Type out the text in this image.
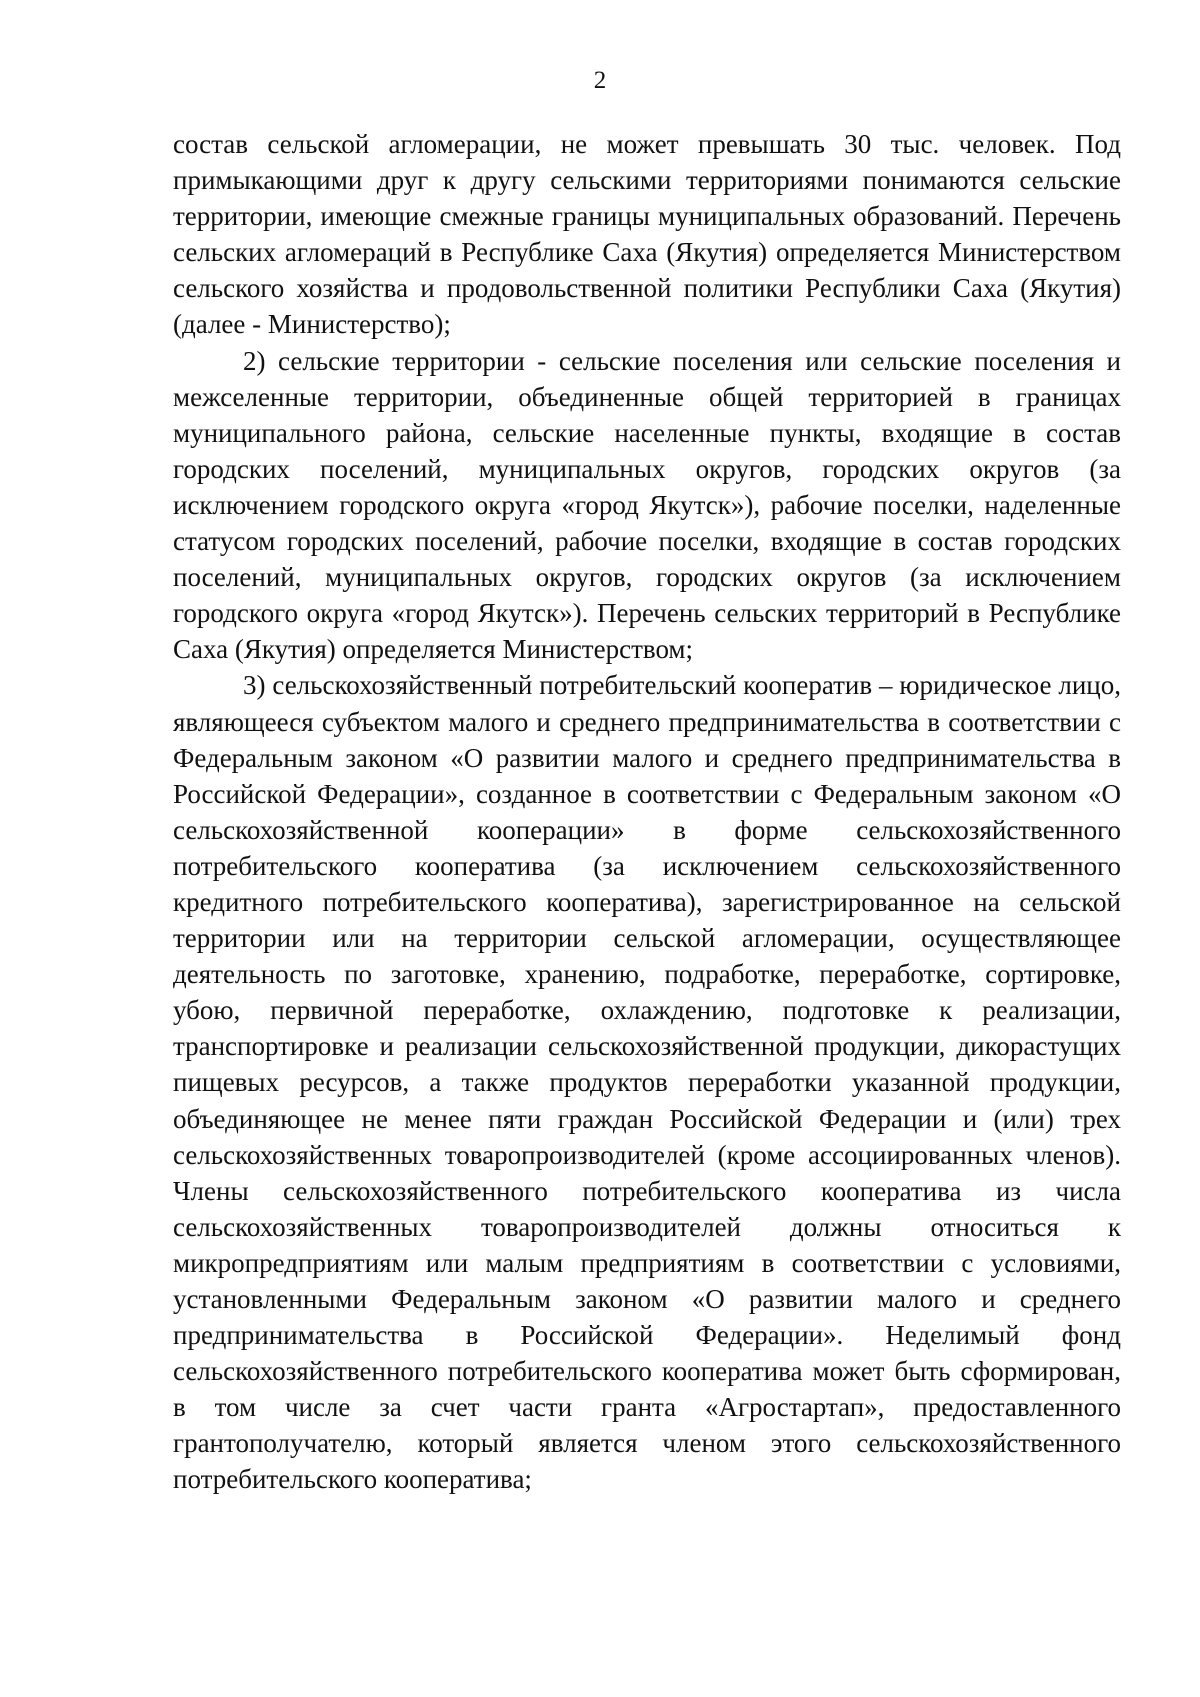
2

состав сельской агломерации, не может превышать 30 тыс. человек. Под примыкающими друг к другу сельскими территориями понимаются сельские территории, имеющие смежные границы муниципальных образований. Перечень сельских агломераций в Республике Саха (Якутия) определяется Министерством сельского хозяйства и продовольственной политики Республики Саха (Якутия) (далее - Министерство);

2) сельские территории - сельские поселения или сельские поселения и межселенные территории, объединенные общей территорией в границах муниципального района, сельские населенные пункты, входящие в состав городских поселений, муниципальных округов, городских округов (за исключением городского округа «город Якутск»), рабочие поселки, наделенные статусом городских поселений, рабочие поселки, входящие в состав городских поселений, муниципальных округов, городских округов (за исключением городского округа «город Якутск»). Перечень сельских территорий в Республике Саха (Якутия) определяется Министерством;

3) сельскохозяйственный потребительский кооператив – юридическое лицо, являющееся субъектом малого и среднего предпринимательства в соответствии с Федеральным законом «О развитии малого и среднего предпринимательства в Российской Федерации», созданное в соответствии с Федеральным законом «О сельскохозяйственной кооперации» в форме сельскохозяйственного потребительского кооператива (за исключением сельскохозяйственного кредитного потребительского кооператива), зарегистрированное на сельской территории или на территории сельской агломерации, осуществляющее деятельность по заготовке, хранению, подработке, переработке, сортировке, убою, первичной переработке, охлаждению, подготовке к реализации, транспортировке и реализации сельскохозяйственной продукции, дикорастущих пищевых ресурсов, а также продуктов переработки указанной продукции, объединяющее не менее пяти граждан Российской Федерации и (или) трех сельскохозяйственных товаропроизводителей (кроме ассоциированных членов). Члены сельскохозяйственного потребительского кооператива из числа сельскохозяйственных товаропроизводителей должны относиться к микропредприятиям или малым предприятиям в соответствии с условиями, установленными Федеральным законом «О развитии малого и среднего предпринимательства в Российской Федерации». Неделимый фонд сельскохозяйственного потребительского кооператива может быть сформирован, в том числе за счет части гранта «Агростартап», предоставленного грантополучателю, который является членом этого сельскохозяйственного потребительского кооператива;
